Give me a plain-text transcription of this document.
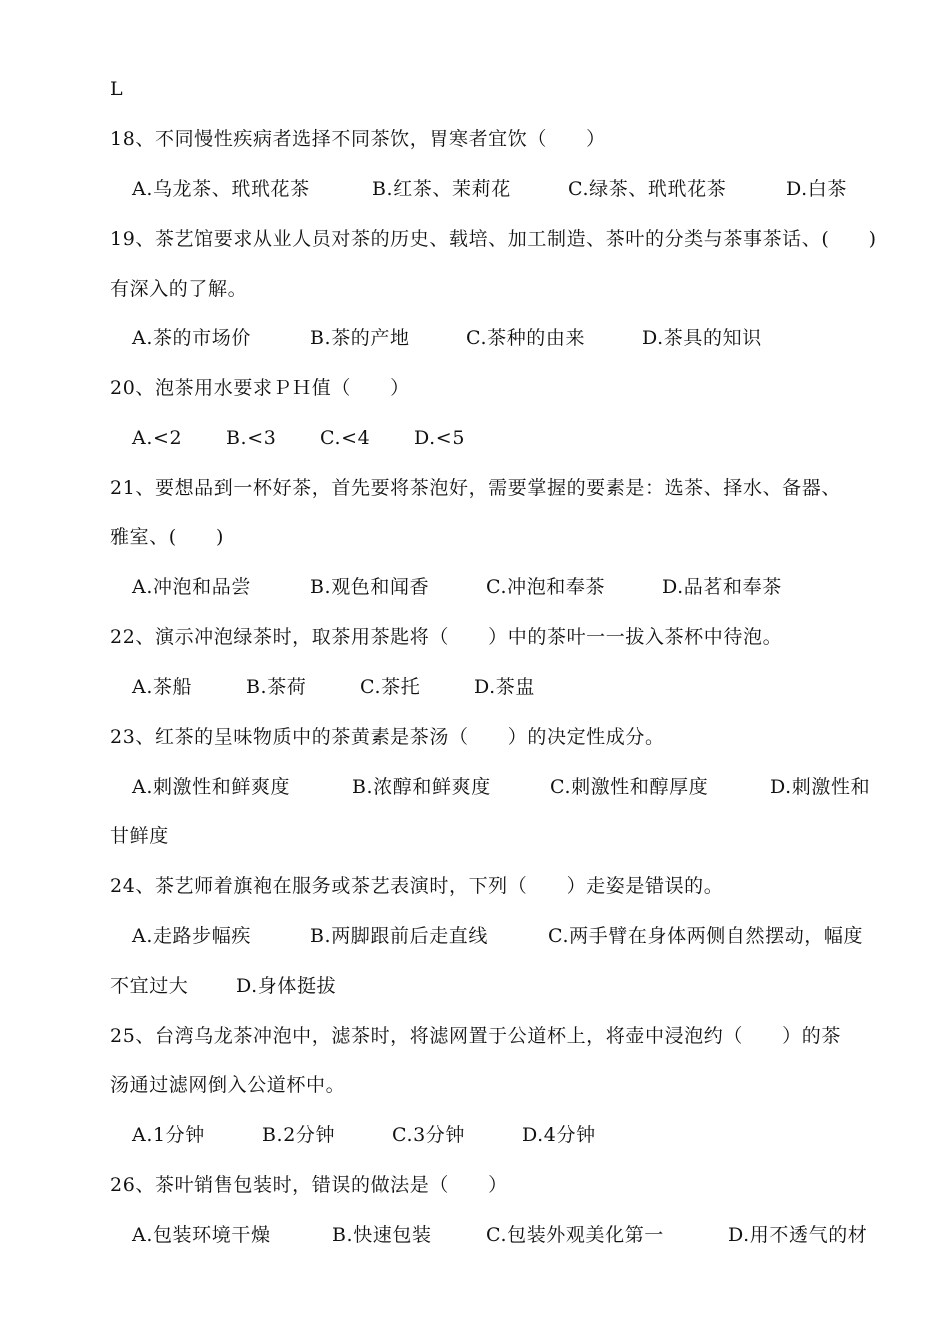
L
18、不同慢性疾病者选择不同茶饮，胃寒者宜饮（　　）
A.乌龙茶、玳玳花茶	B.红茶、茉莉花	C.绿茶、玳玳花茶	D.白茶
19、茶艺馆要求从业人员对茶的历史、载培、加工制造、茶叶的分类与茶事茶话、(　　)
有深入的了解。
A.茶的市场价	B.茶的产地	C.茶种的由来	D.茶具的知识
20、泡茶用水要求ＰＨ值（　　）
A.<2 B.<3 C.<4 D.<5
21、要想品到一杯好茶，首先要将茶泡好，需要掌握的要素是：选茶、择水、备器、
雅室、(　　)
A.冲泡和品尝	B.观色和闻香	C.冲泡和奉茶	D.品茗和奉茶
22、演示冲泡绿茶时，取茶用茶匙将（　　）中的茶叶一一拔入茶杯中待泡。
A.茶船	B.茶荷	C.茶托	D.茶盅
23、红茶的呈味物质中的茶黄素是茶汤（　　）的决定性成分。
A.刺激性和鲜爽度	B.浓醇和鲜爽度	C.刺激性和醇厚度	D.刺激性和
甘鲜度
24、茶艺师着旗袍在服务或茶艺表演时，下列（　　）走姿是错误的。
A.走路步幅疾	B.两脚跟前后走直线	C.两手臂在身体两侧自然摆动，幅度
不宜过大	D.身体挺拔
25、台湾乌龙茶冲泡中，滤茶时，将滤网置于公道杯上，将壶中浸泡约（　　）的茶
汤通过滤网倒入公道杯中。
A.1分钟	B.2分钟	C.3分钟	D.4分钟
26、茶叶销售包装时，错误的做法是（　　）
A.包装环境干燥	B.快速包装	C.包装外观美化第一	D.用不透气的材
